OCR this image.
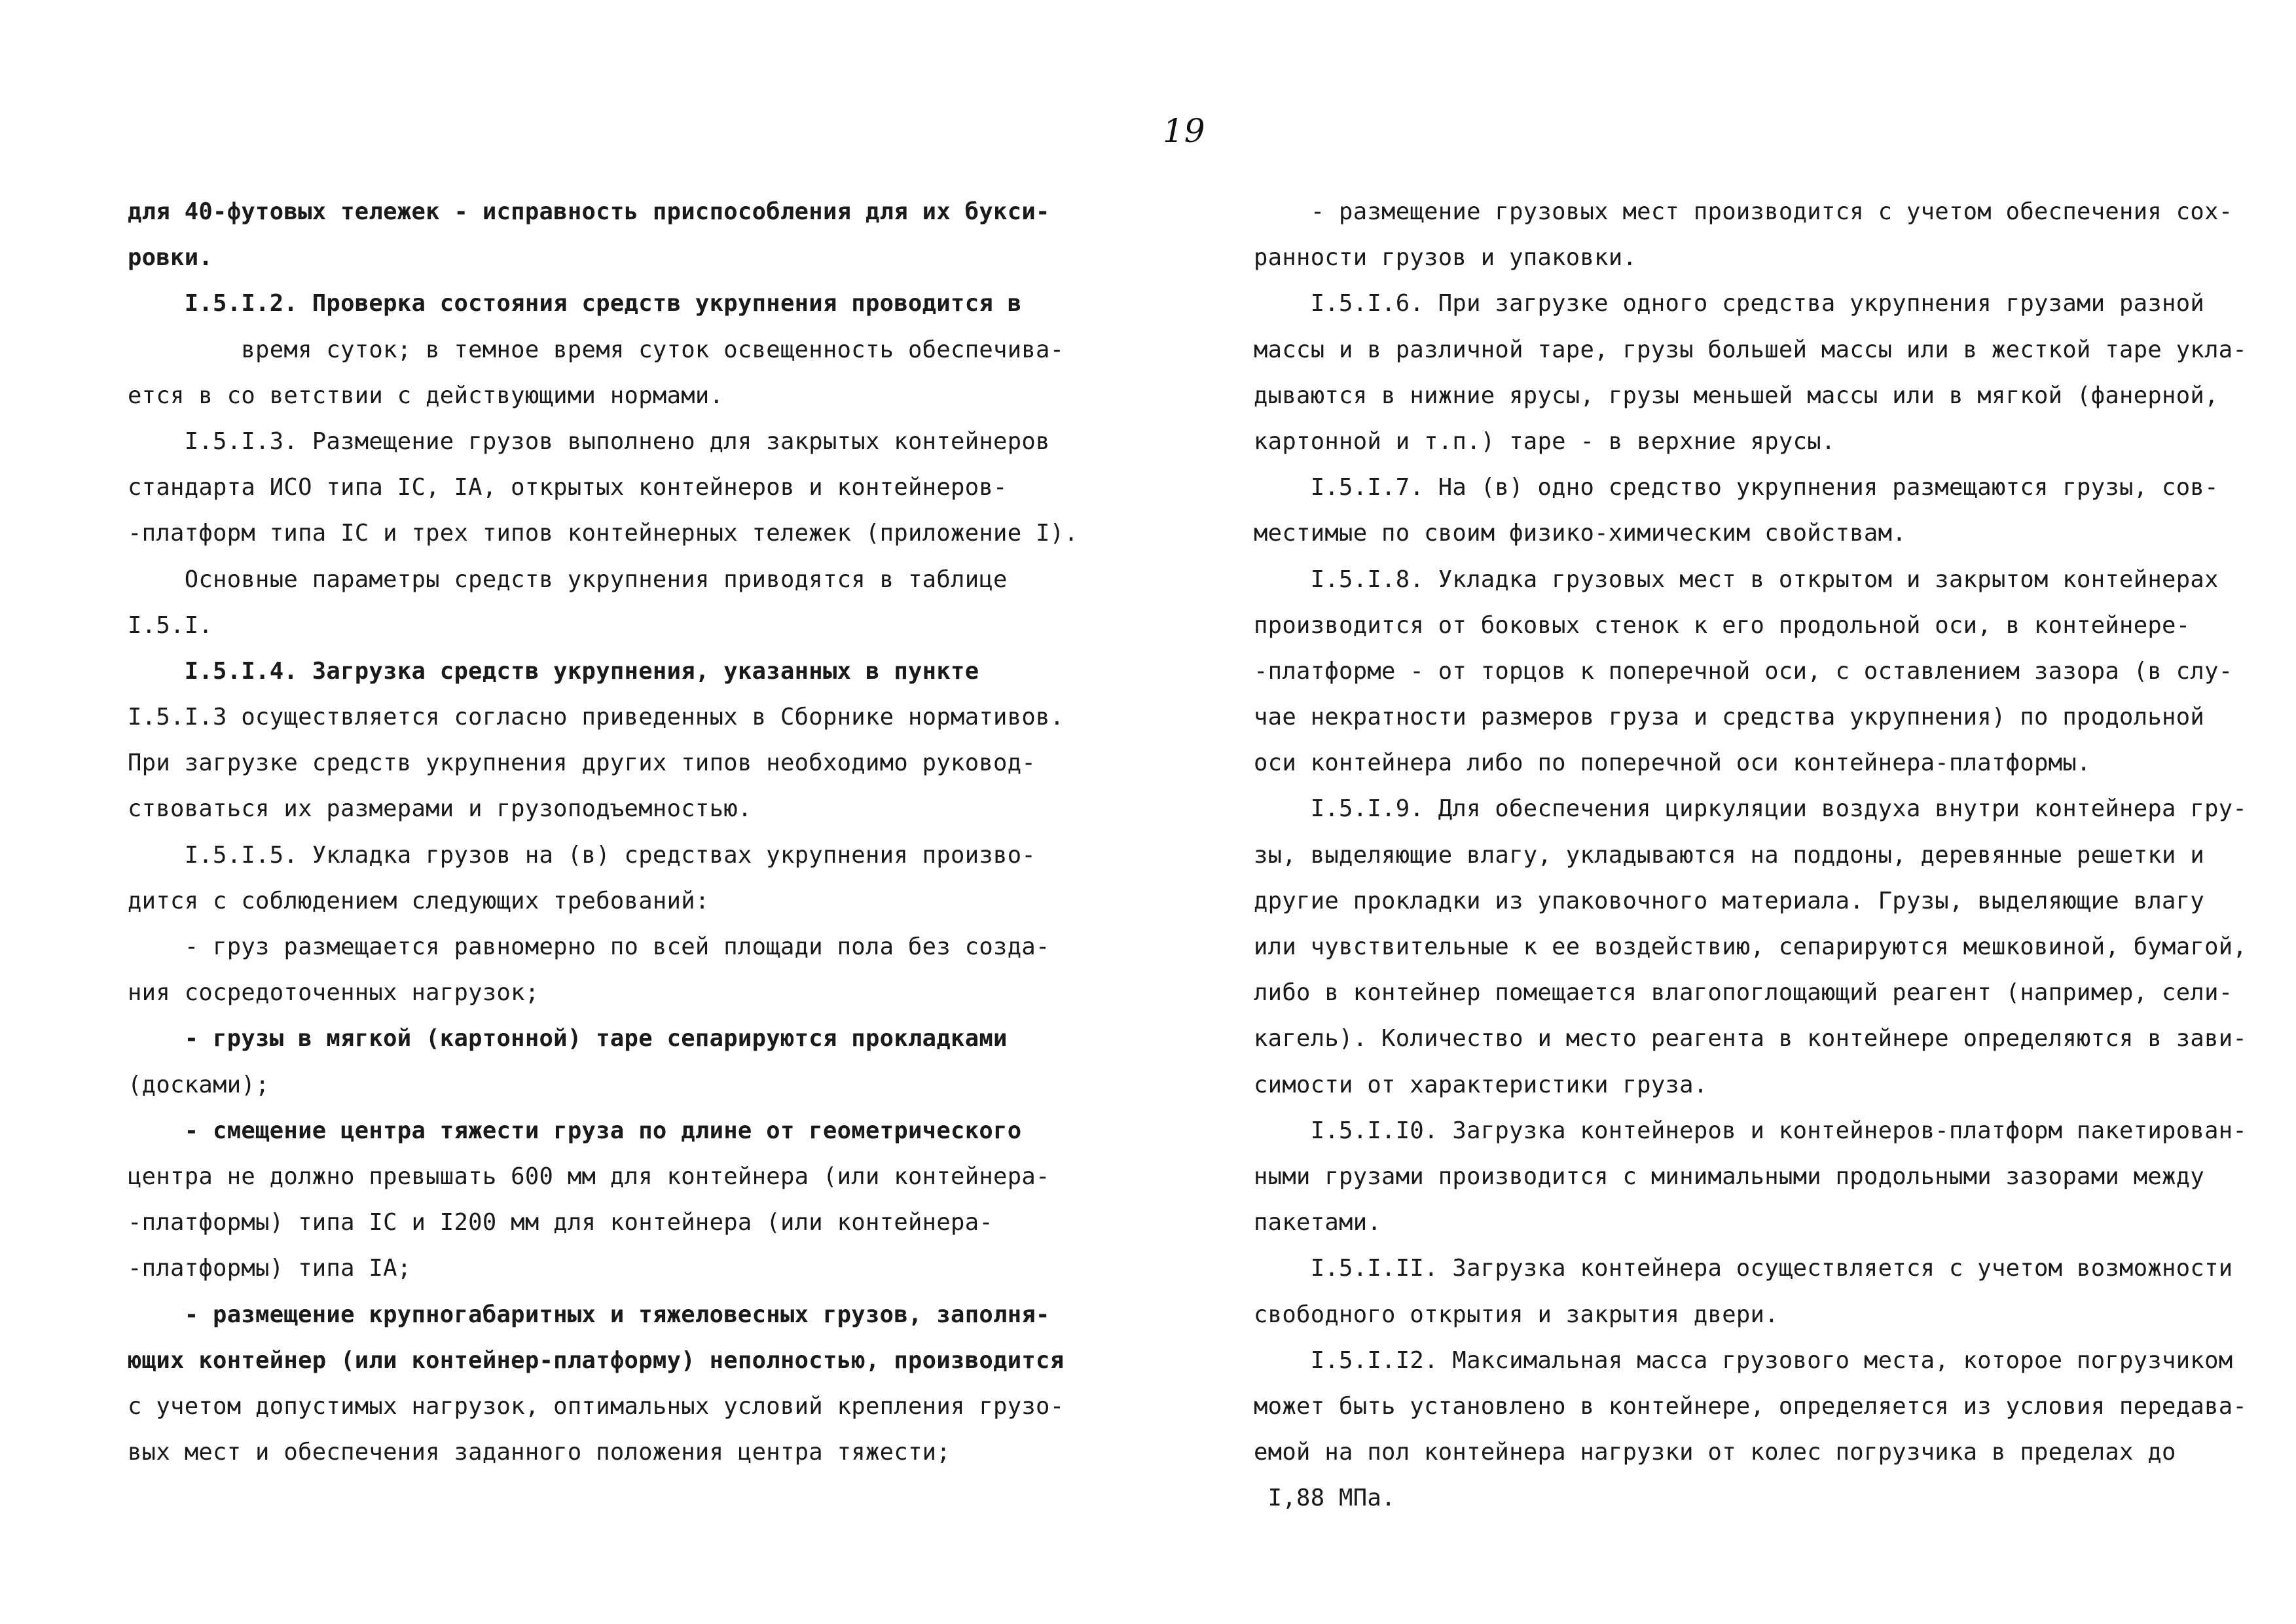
19
для 40-футовых тележек - исправность приспособления для их букси-
ровки.
I.5.I.2. Проверка состояния средств укрупнения проводится в
время суток; в темное время суток освещенность обеспечива-
ется в со ветствии с действующими нормами.
I.5.I.3. Размещение грузов выполнено для закрытых контейнеров
стандарта ИСО типа IС, IА, открытых контейнеров и контейнеров-
-платформ типа IС и трех типов контейнерных тележек (приложение I).
Основные параметры средств укрупнения приводятся в таблице
I.5.I.
I.5.I.4. Загрузка средств укрупнения, указанных в пункте
I.5.I.3 осуществляется согласно приведенных в Сборнике нормативов.
При загрузке средств укрупнения других типов необходимо руковод-
ствоваться их размерами и грузоподъемностью.
I.5.I.5. Укладка грузов на (в) средствах укрупнения произво-
дится с соблюдением следующих требований:
- груз размещается равномерно по всей площади пола без созда-
ния сосредоточенных нагрузок;
- грузы в мягкой (картонной) таре сепарируются прокладками
(досками);
- смещение центра тяжести груза по длине от геометрического
центра не должно превышать 600 мм для контейнера (или контейнера-
-платформы) типа IС и I200 мм для контейнера (или контейнера-
-платформы) типа IА;
- размещение крупногабаритных и тяжеловесных грузов, заполня-
ющих контейнер (или контейнер-платформу) неполностью, производится
с учетом допустимых нагрузок, оптимальных условий крепления грузо-
вых мест и обеспечения заданного положения центра тяжести;
- размещение грузовых мест производится с учетом обеспечения сох-
ранности грузов и упаковки.
I.5.I.6. При загрузке одного средства укрупнения грузами разной
массы и в различной таре, грузы большей массы или в жесткой таре укла-
дываются в нижние ярусы, грузы меньшей массы или в мягкой (фанерной,
картонной и т.п.) таре - в верхние ярусы.
I.5.I.7. На (в) одно средство укрупнения размещаются грузы, сов-
местимые по своим физико-химическим свойствам.
I.5.I.8. Укладка грузовых мест в открытом и закрытом контейнерах
производится от боковых стенок к его продольной оси, в контейнере-
-платформе - от торцов к поперечной оси, с оставлением зазора (в слу-
чае некратности размеров груза и средства укрупнения) по продольной
оси контейнера либо по поперечной оси контейнера-платформы.
I.5.I.9. Для обеспечения циркуляции воздуха внутри контейнера гру-
зы, выделяющие влагу, укладываются на поддоны, деревянные решетки и
другие прокладки из упаковочного материала. Грузы, выделяющие влагу
или чувствительные к ее воздействию, сепарируются мешковиной, бумагой,
либо в контейнер помещается влагопоглощающий реагент (например, сели-
кагель). Количество и место реагента в контейнере определяются в зави-
симости от характеристики груза.
I.5.I.I0. Загрузка контейнеров и контейнеров-платформ пакетирован-
ными грузами производится с минимальными продольными зазорами между
пакетами.
I.5.I.II. Загрузка контейнера осуществляется с учетом возможности
свободного открытия и закрытия двери.
I.5.I.I2. Максимальная масса грузового места, которое погрузчиком
может быть установлено в контейнере, определяется из условия передава-
емой на пол контейнера нагрузки от колес погрузчика в пределах до
I,88 МПа.
